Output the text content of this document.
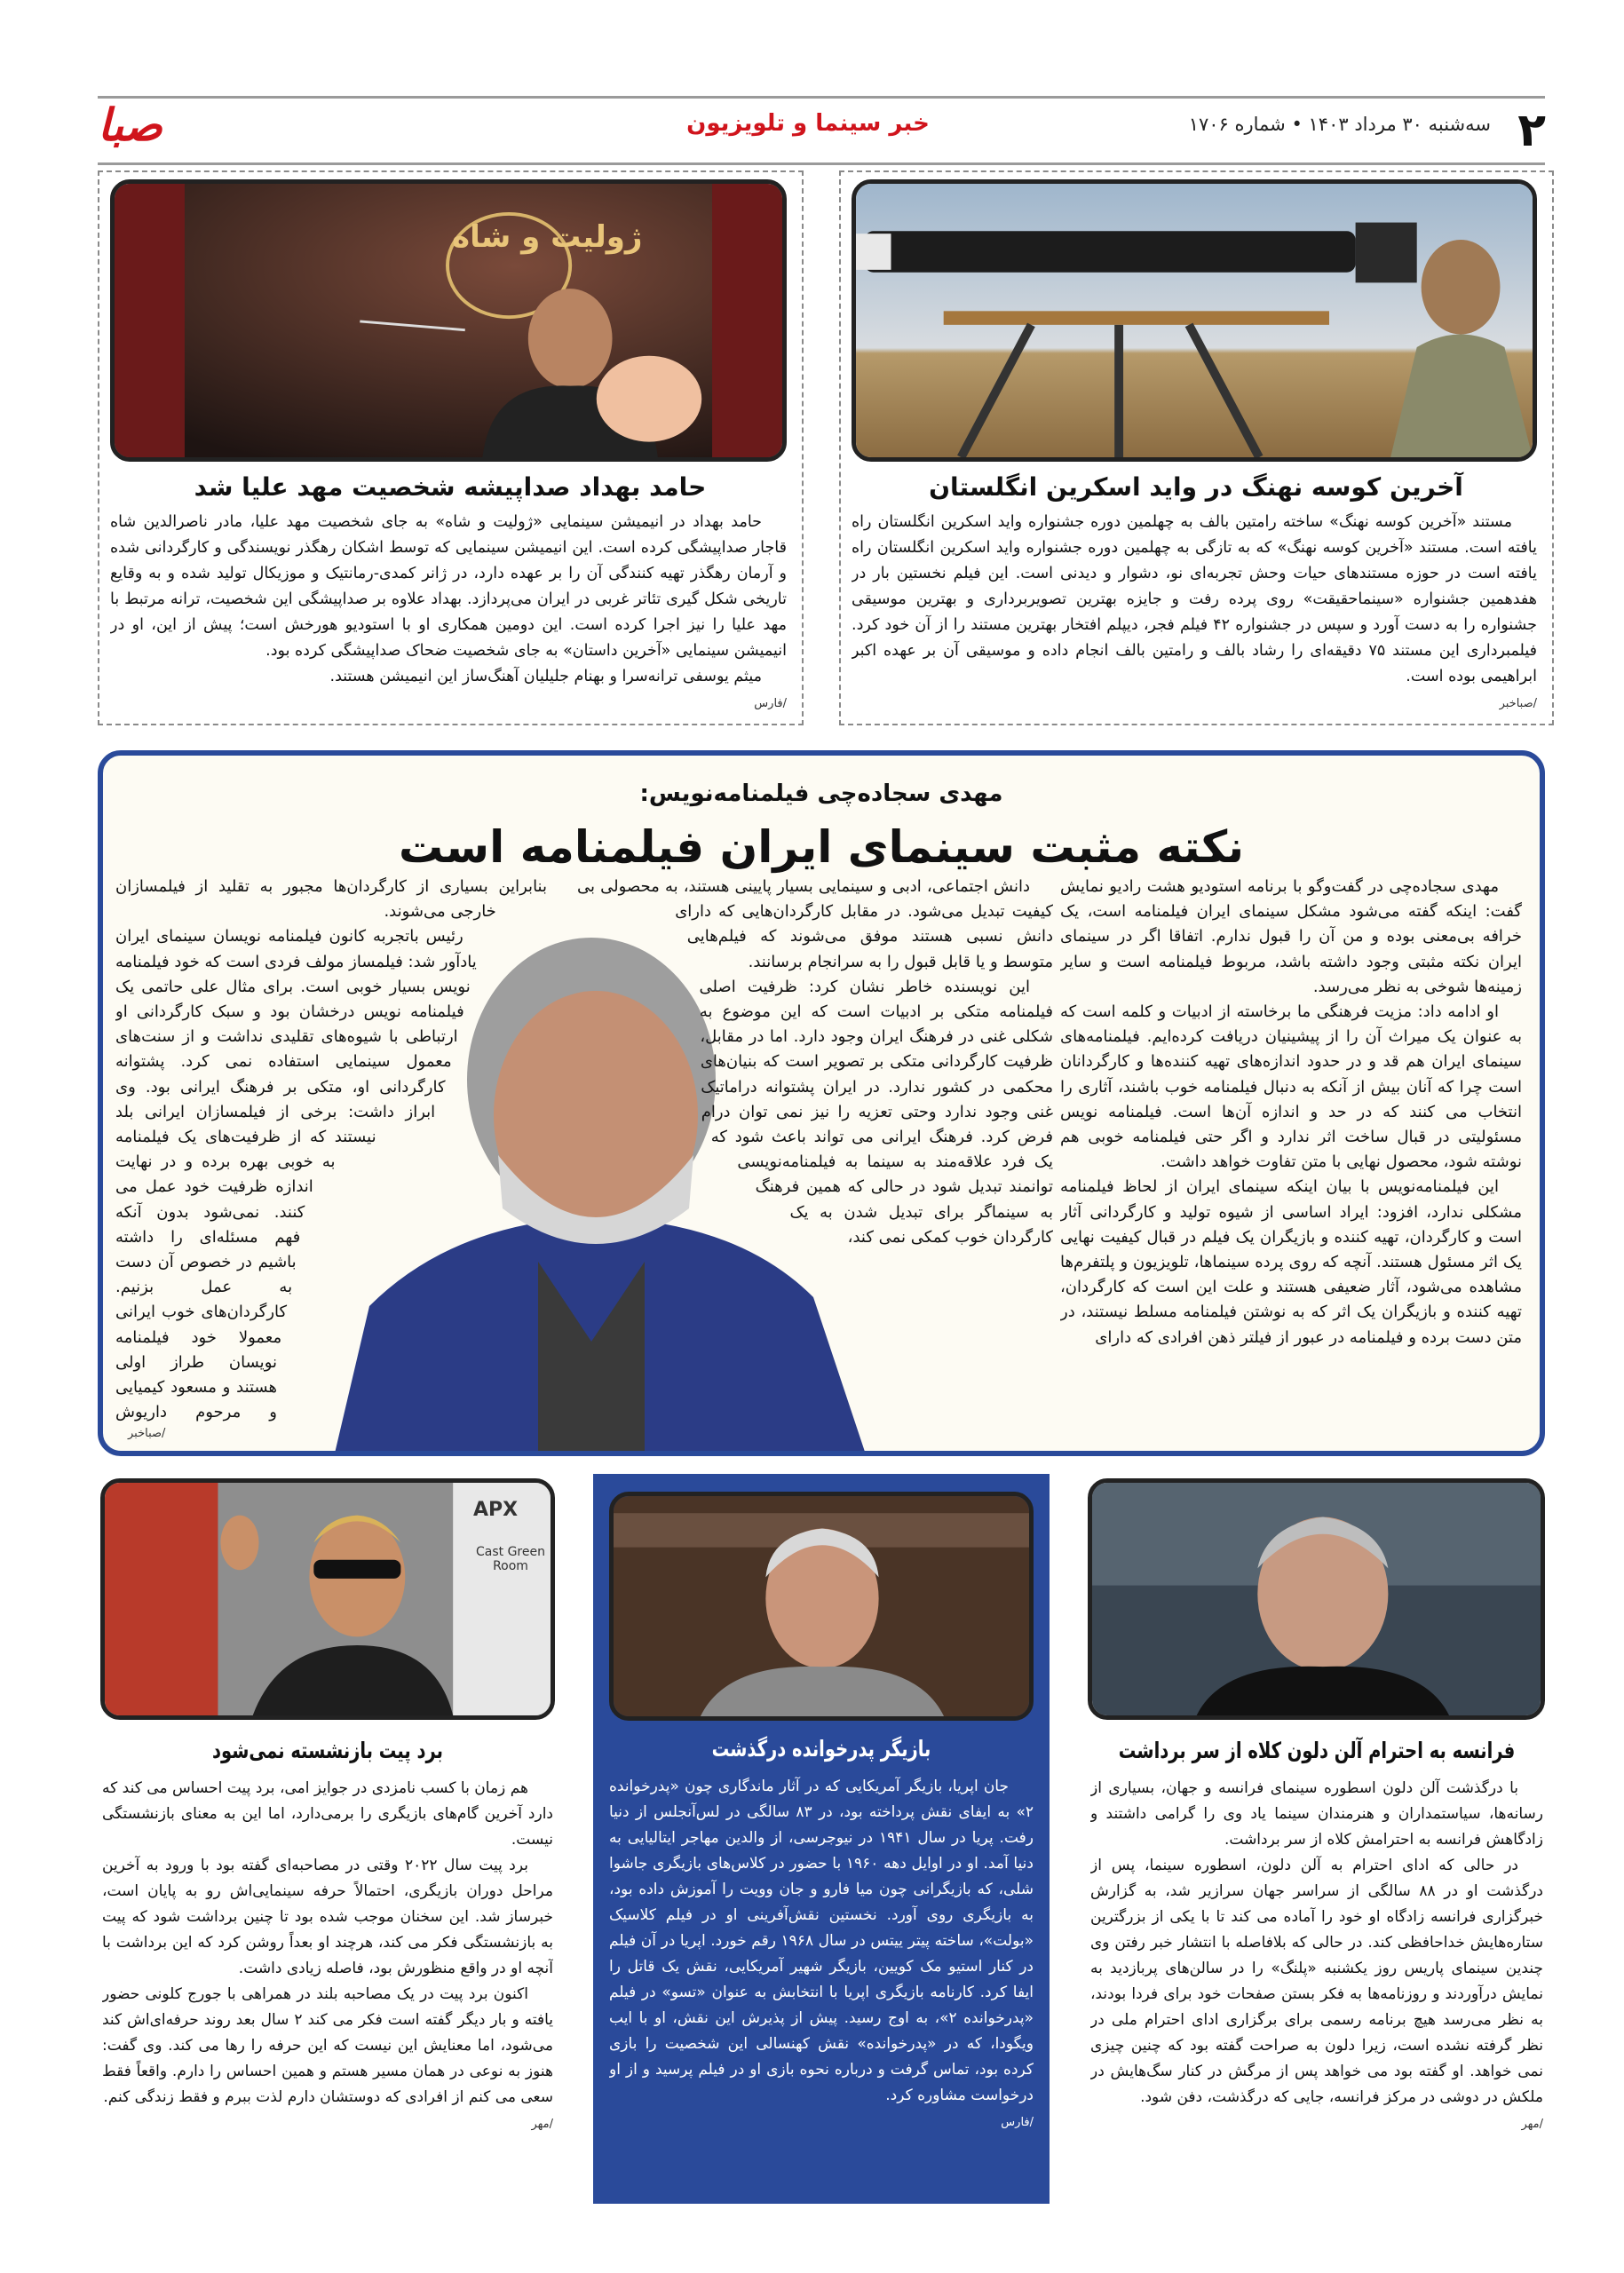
۲
سه‌شنبه ۳۰ مرداد ۱۴۰۳ • شماره ۱۷۰۶
خبر سینما و تلویزیون
صبا
آخرین کوسه نهنگ در واید اسکرین انگلستان

مستند «آخرین کوسه نهنگ» ساخته رامتین بالف به چهلمین دوره جشنواره واید اسکرین انگلستان راه یافته است. مستند «آخرین کوسه نهنگ» که به تازگی به چهلمین دوره جشنواره واید اسکرین انگلستان راه یافته است در حوزه مستندهای حیات وحش تجربه‌ای نو، دشوار و دیدنی است. این فیلم نخستین بار در هفدهمین جشنواره «سینماحقیقت» روی پرده رفت و جایزه بهترین تصویربرداری و بهترین موسیقی جشنواره را به دست آورد و سپس در جشنواره ۴۲ فیلم فجر، دیپلم افتخار بهترین مستند را از آن خود کرد. فیلمبرداری این مستند ۷۵ دقیقه‌ای را رشاد بالف و رامتین بالف انجام داده و موسیقی آن بر عهده اکبر ابراهیمی بوده است.

/صباخبر
ژولیت و شاه
حامد بهداد صداپیشه شخصیت مهد علیا شد

حامد بهداد در انیمیشن سینمایی «ژولیت و شاه» به جای شخصیت مهد علیا، مادر ناصرالدین شاه قاجار صداپیشگی کرده است. این انیمیشن سینمایی که توسط اشکان رهگذر نویسندگی و کارگردانی شده و آرمان رهگذر تهیه کنندگی آن را بر عهده دارد، در ژانر کمدی-رمانتیک و موزیکال تولید شده و به وقایع تاریخی شکل گیری تئاتر غربی در ایران می‌پردازد. بهداد علاوه بر صداپیشگی این شخصیت، ترانه مرتبط با مهد علیا را نیز اجرا کرده است. این دومین همکاری او با استودیو هورخش است؛ پیش از این، او در انیمیشن سینمایی «آخرین داستان» به جای شخصیت ضحاک صداپیشگی کرده بود.

میثم یوسفی ترانه‌سرا و بهنام جلیلیان آهنگ‌ساز این انیمیشن هستند.

/فارس
مهدی سجاده‌چی فیلمنامه‌نویس:
نکته مثبت سینمای ایران فیلمنامه است

مهدی سجاده‌چی در گفت‌وگو با برنامه استودیو هشت رادیو نمایش گفت: اینکه گفته می‌شود مشکل سینمای ایران فیلمنامه است، یک خرافه بی‌معنی بوده و من آن را قبول ندارم. اتفاقا اگر در سینمای ایران نکته مثبتی وجود داشته باشد، مربوط فیلمنامه است و سایر زمینه‌ها شوخی به نظر می‌رسد.

او ادامه داد: مزیت فرهنگی ما برخاسته از ادبیات و کلمه است که به عنوان یک میراث آن را از پیشینیان دریافت کرده‌ایم. فیلمنامه‌های سینمای ایران هم قد و در حدود اندازه‌های تهیه کننده‌ها و کارگردانان است چرا که آنان بیش از آنکه به دنبال فیلمنامه خوب باشند، آثاری را انتخاب می کنند که در حد و اندازه آن‌ها است. فیلمنامه نویس مسئولیتی در قبال ساخت اثر ندارد و اگر حتی فیلمنامه خوبی هم نوشته شود، محصول نهایی با متن تفاوت خواهد داشت.

این فیلمنامه‌نویس با بیان اینکه سینمای ایران از لحاظ فیلمنامه مشکلی ندارد، افزود: ایراد اساسی از شیوه تولید و کارگردانی آثار است و کارگردان، تهیه کننده و بازیگران یک فیلم در قبال کیفیت نهایی یک اثر مسئول هستند. آنچه که روی پرده سینماها، تلویزیون و پلتفرم‌ها مشاهده می‌شود، آثار ضعیفی هستند و علت این است که کارگردان، تهیه کننده و بازیگران یک اثر که به نوشتن فیلمنامه مسلط نیستند، در متن دست برده و فیلمنامه در عبور از فیلتر ذهن افرادی که دارای

دانش اجتماعی، ادبی و سینمایی بسیار پایینی هستند، به محصولی بی کیفیت تبدیل می‌شود. در مقابل کارگردان‌هایی که دارای دانش نسبی هستند موفق می‌شوند که فیلم‌هایی متوسط و یا قابل قبول را به سرانجام برسانند.

این نویسنده خاطر نشان کرد: ظرفیت اصلی فیلمنامه متکی بر ادبیات است که این موضوع به شکلی غنی در فرهنگ ایران وجود دارد. اما در مقابل، ظرفیت کارگردانی متکی بر تصویر است که بنیان‌های محکمی در کشور ندارد. در ایران پشتوانه دراماتیک غنی وجود ندارد وحتی تعزیه را نیز نمی توان درام فرض کرد. فرهنگ ایرانی می تواند باعث شود که یک فرد علاقه‌مند به سینما به فیلمنامه‌نویسی توانمند تبدیل شود در حالی که همین فرهنگ به سینماگر برای تبدیل شدن به یک کارگردان خوب کمکی نمی کند،

بنابراین بسیاری از کارگردان‌ها مجبور به تقلید از فیلمسازان خارجی می‌شوند.

رئیس باتجربه کانون فیلمنامه نویسان سینمای ایران یادآور شد: فیلمساز مولف فردی است که خود فیلمنامه نویس بسیار خوبی است. برای مثال علی حاتمی یک فیلمنامه نویس درخشان بود و سبک کارگردانی او ارتباطی با شیوه‌های تقلیدی نداشت و از سنت‌های معمول سینمایی استفاده نمی کرد. پشتوانه کارگردانی او، متکی بر فرهنگ ایرانی بود. وی ابراز داشت: برخی از فیلمسازان ایرانی بلد نیستند که از ظرفیت‌های یک فیلمنامه به خوبی بهره برده و در نهایت اندازه ظرفیت خود عمل می کنند. نمی‌شود بدون آنکه فهم مسئله‌ای را داشته باشیم در خصوص آن دست به عمل بزنیم. کارگردان‌های خوب ایرانی معمولا خود فیلمنامه نویسان طراز اولی هستند و مسعود کیمیایی و مرحوم داریوش

/صباخبر
فرانسه به احترام آلن دلون کلاه از سر برداشت

با درگذشت آلن دلون اسطوره سینمای فرانسه و جهان، بسیاری از رسانه‌ها، سیاستمداران و هنرمندان سینما یاد وی را گرامی داشتند و زادگاهش فرانسه به احترامش کلاه از سر برداشت.

در حالی که ادای احترام به آلن دلون، اسطوره سینما، پس از درگذشت او در ۸۸ سالگی از سراسر جهان سرازیر شد، به گزارش خبرگزاری فرانسه زادگاه او خود را آماده می کند تا با یکی از بزرگترین ستاره‌هایش خداحافظی کند. در حالی که بلافاصله با انتشار خبر رفتن وی چندین سینمای پاریس روز یکشنبه «پلنگ» را در سالن‌های پربازدید به نمایش درآوردند و روزنامه‌ها به فکر بستن صفحات خود برای فردا بودند، به نظر می‌رسد هیچ برنامه رسمی برای برگزاری ادای احترام ملی در نظر گرفته نشده است، زیرا دلون به صراحت گفته بود که چنین چیزی نمی خواهد. او گفته بود می خواهد پس از مرگش در کنار سگ‌هایش در ملکش در دوشی در مرکز فرانسه، جایی که درگذشت، دفن شود.

/مهر
بازیگر پدرخوانده درگذشت

جان اپریا، بازیگر آمریکایی که در آثار ماندگاری چون «پدرخوانده ۲» به ایفای نقش پرداخته بود، در ۸۳ سالگی در لس‌آنجلس از دنیا رفت. پریا در سال ۱۹۴۱ در نیوجرسی، از والدین مهاجر ایتالیایی به دنیا آمد. او در اوایل دهه ۱۹۶۰ با حضور در کلاس‌های بازیگری جاشوا شلی، که بازیگرانی چون میا فارو و جان وویت را آموزش داده بود، به بازیگری روی آورد. نخستین نقش‌آفرینی او در فیلم کلاسیک «بولت»، ساخته پیتر ییتس در سال ۱۹۶۸ رقم خورد. اپریا در آن فیلم در کنار استیو مک کویین، بازیگر شهیر آمریکایی، نقش یک قاتل را ایفا کرد. کارنامه بازیگری اپریا با انتخابش به عنوان «تسو» در فیلم «پدرخوانده ۲»، به اوج رسید. پیش از پذیرش این نقش، او با ایب ویگودا، که در «پدرخوانده» نقش کهنسالی این شخصیت را بازی کرده بود، تماس گرفت و درباره نحوه بازی او در فیلم پرسید و از او درخواست مشاوره کرد.

/فارس
APX
Cast Green Room
برد پیت بازنشسته نمی‌شود

هم زمان با کسب نامزدی در جوایز امی، برد پیت احساس می کند که دارد آخرین گام‌های بازیگری را برمی‌دارد، اما این به معنای بازنشستگی نیست.

برد پیت سال ۲۰۲۲ وقتی در مصاحبه‌ای گفته بود با ورود به آخرین مراحل دوران بازیگری، احتمالاً حرفه سینمایی‌اش رو به پایان است، خبرساز شد. این سخنان موجب شده بود تا چنین برداشت شود که پیت به بازنشستگی فکر می کند، هرچند او بعداً روشن کرد که این برداشت با آنچه او در واقع منظورش بود، فاصله زیادی داشت.

اکنون برد پیت در یک مصاحبه بلند در همراهی با جورج کلونی حضور یافته و بار دیگر گفته است فکر می کند ۲ سال بعد روند حرفه‌ای‌اش کند می‌شود، اما معنایش این نیست که این حرفه را رها می کند. وی گفت: هنوز به نوعی در همان مسیر هستم و همین احساس را دارم. واقعاً فقط سعی می کنم از افرادی که دوستشان دارم لذت ببرم و فقط زندگی کنم.

/مهر
